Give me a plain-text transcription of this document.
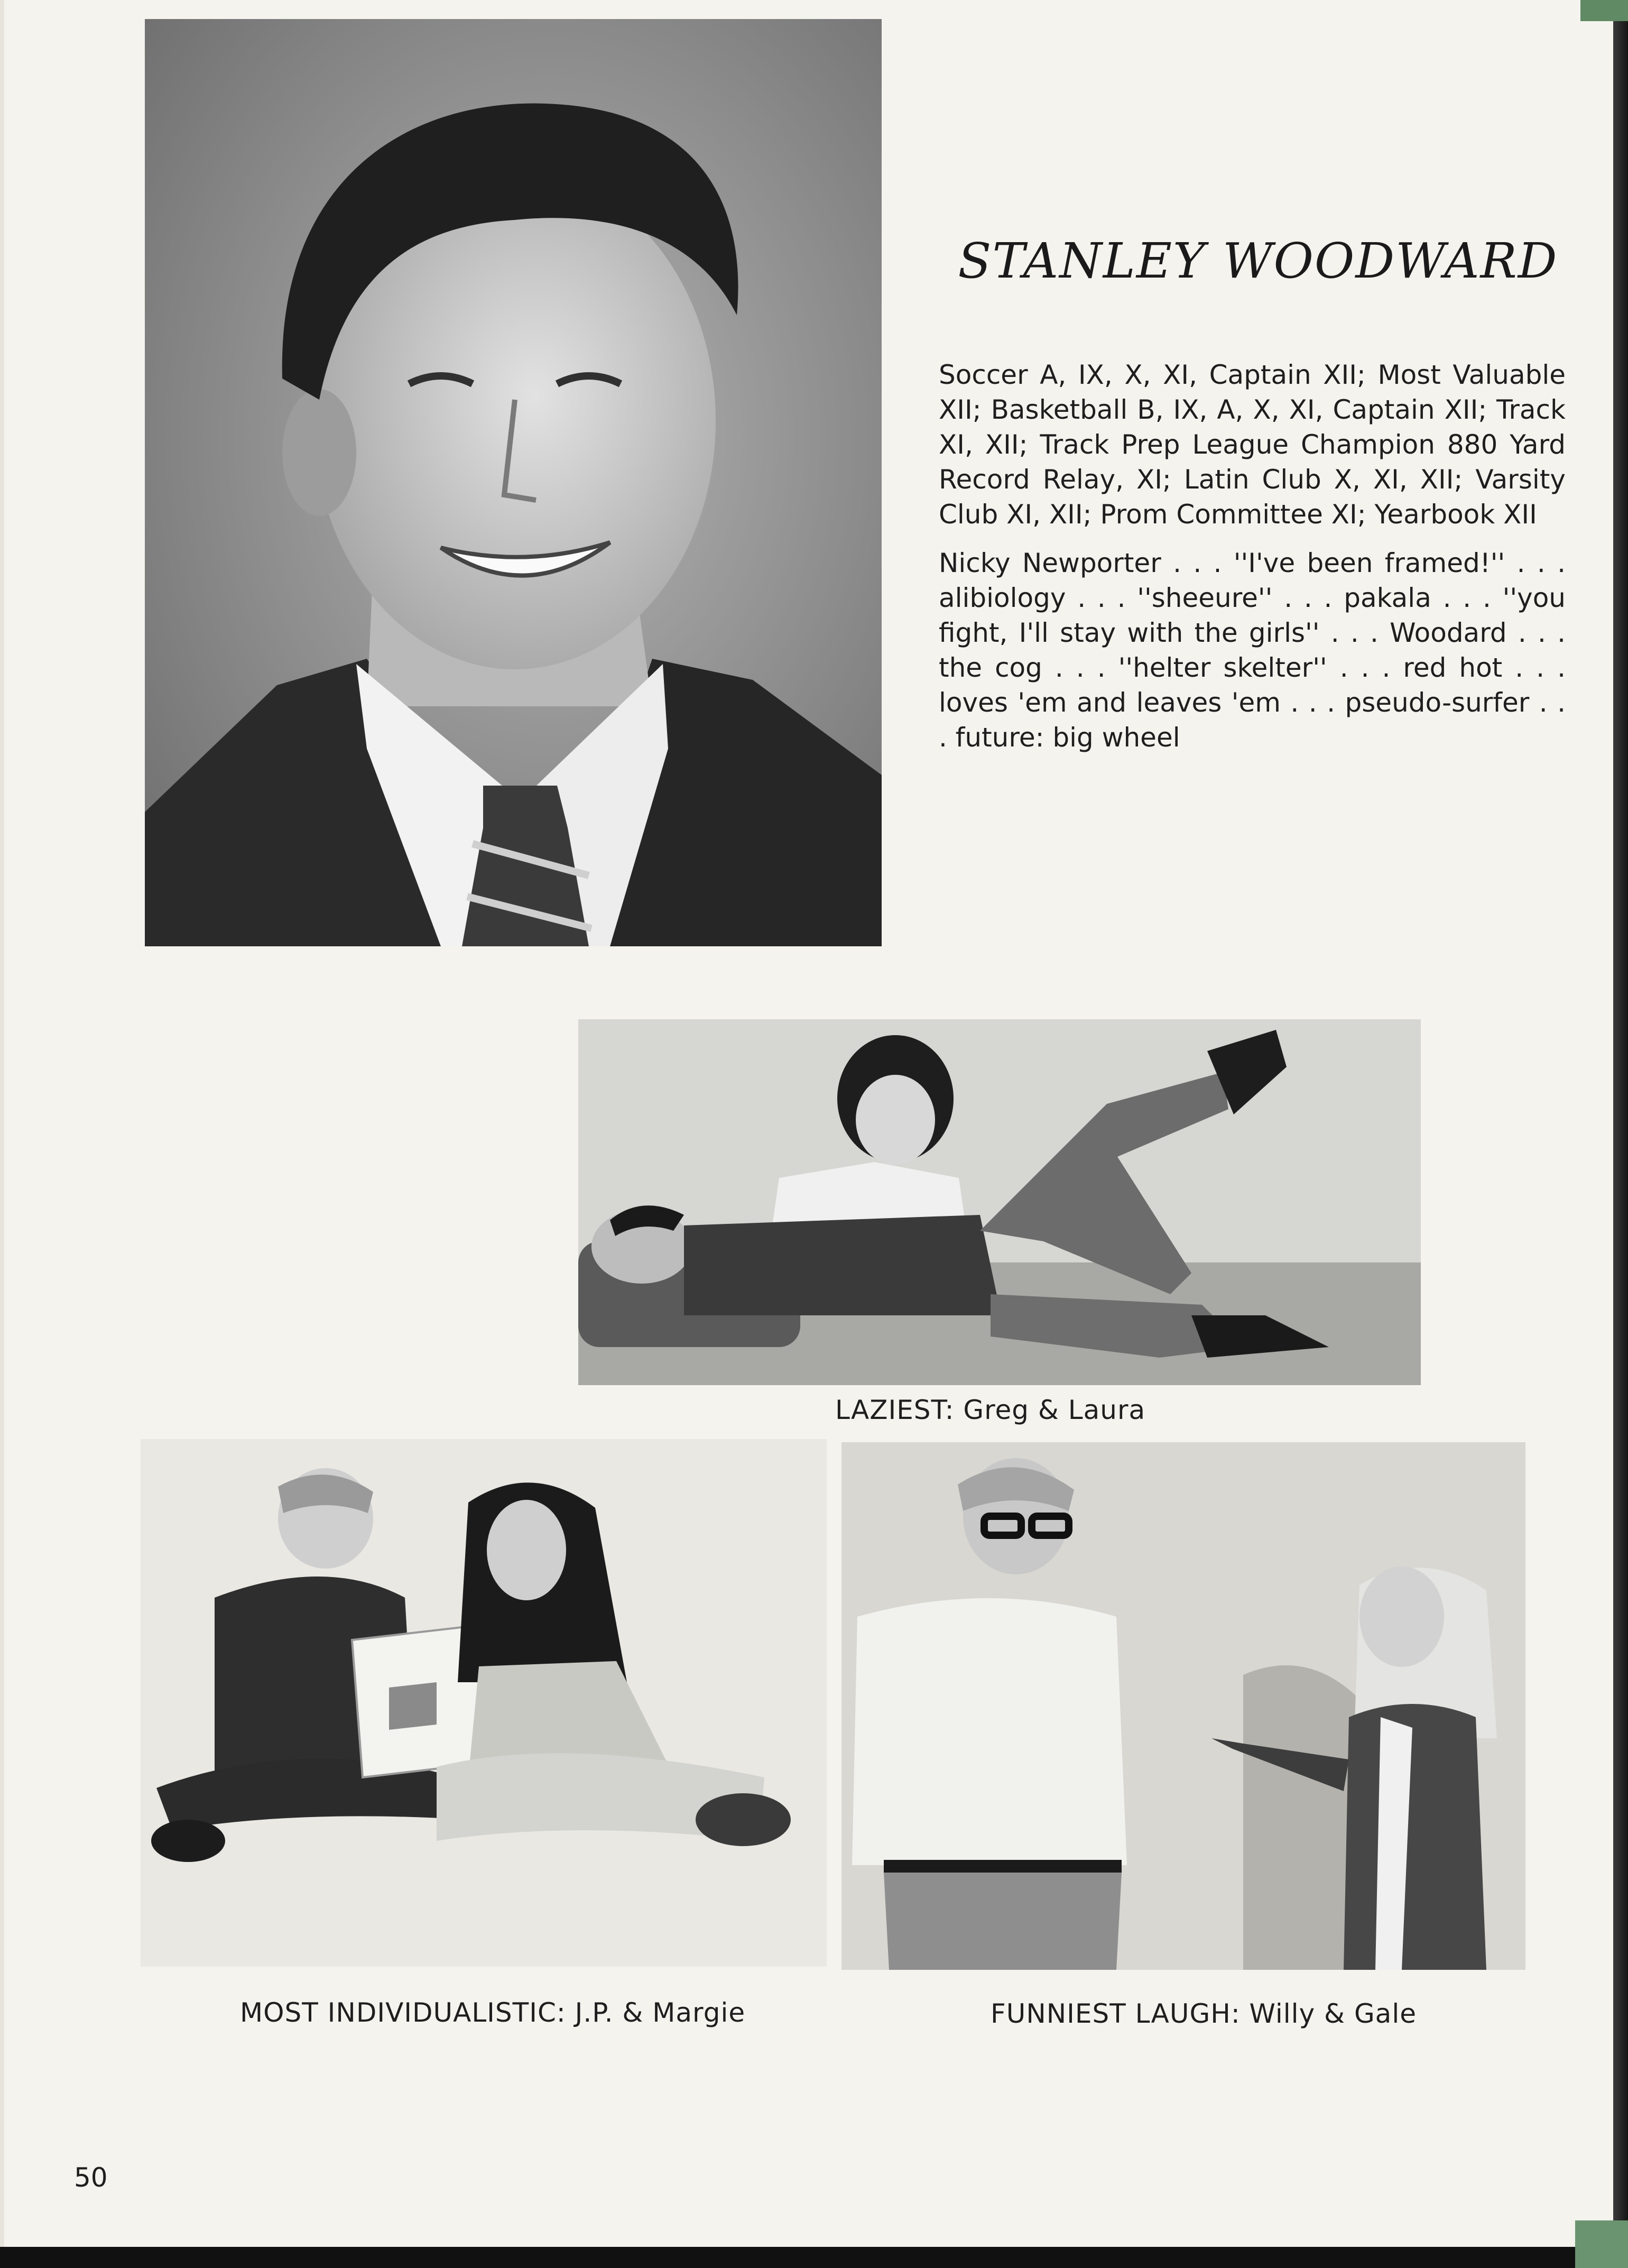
STANLEY WOODWARD

Soccer A, IX, X, XI, Captain XII; Most Valuable XII; Basketball B, IX, A, X, XI, Captain XII; Track XI, XII; Track Prep League Champion 880 Yard Record Relay, XI; Latin Club X, XI, XII; Varsity Club XI, XII; Prom Committee XI; Yearbook XII

Nicky Newporter . . . ''I've been framed!'' . . . alibiology . . . ''sheeure'' . . . pakala . . . ''you fight, I'll stay with the girls'' . . . Woodard . . . the cog . . . ''helter skelter'' . . . red hot . . . loves 'em and leaves 'em . . . pseudo-surfer . . . future: big wheel

LAZIEST: Greg & Laura

MOST INDIVIDUALISTIC: J.P. & Margie	FUNNIEST LAUGH: Willy & Gale

50
